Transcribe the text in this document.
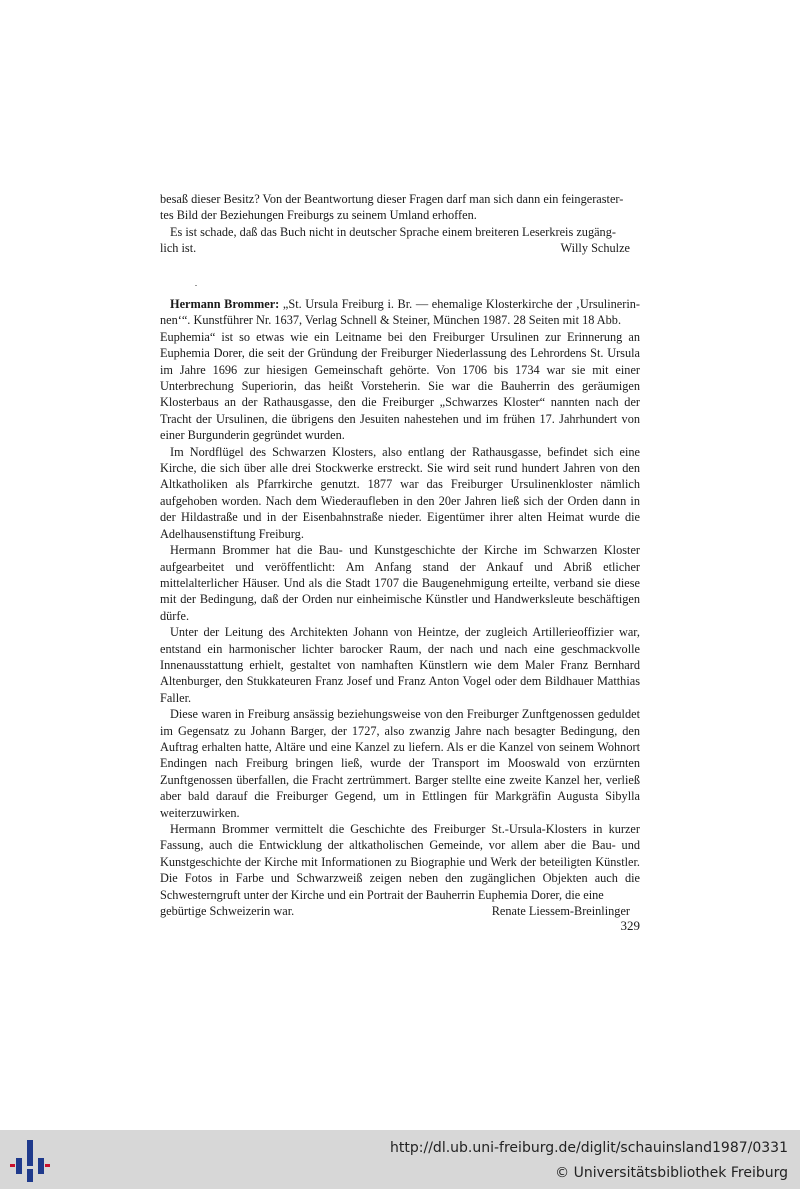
besaß dieser Besitz? Von der Beantwortung dieser Fragen darf man sich dann ein feingeraster-

tes Bild der Beziehungen Freiburgs zu seinem Umland erhoffen.

Es ist schade, daß das Buch nicht in deutscher Sprache einem breiteren Leserkreis zugäng-

lich ist.	Willy Schulze

Hermann Brommer: „St. Ursula Freiburg i. Br. — ehemalige Klosterkirche der ‚Ursulinerin-nen‘“. Kunstführer Nr. 1637, Verlag Schnell & Steiner, München 1987. 28 Seiten mit 18 Abb.

Euphemia“ ist so etwas wie ein Leitname bei den Freiburger Ursulinen zur Erinnerung an Euphemia Dorer, die seit der Gründung der Freiburger Niederlassung des Lehrordens St. Ursula im Jahre 1696 zur hiesigen Gemeinschaft gehörte. Von 1706 bis 1734 war sie mit einer Unterbrechung Superiorin, das heißt Vorsteherin. Sie war die Bauherrin des geräumigen Klosterbaus an der Rathausgasse, den die Freiburger „Schwarzes Kloster“ nannten nach der Tracht der Ursulinen, die übrigens den Jesuiten nahestehen und im frühen 17. Jahrhundert von einer Burgunderin gegründet wurden.

Im Nordflügel des Schwarzen Klosters, also entlang der Rathausgasse, befindet sich eine Kirche, die sich über alle drei Stockwerke erstreckt. Sie wird seit rund hundert Jahren von den Altkatholiken als Pfarrkirche genutzt. 1877 war das Freiburger Ursulinenkloster nämlich aufgehoben worden. Nach dem Wiederaufleben in den 20er Jahren ließ sich der Orden dann in der Hildastraße und in der Eisenbahnstraße nieder. Eigentümer ihrer alten Heimat wurde die Adelhausenstiftung Freiburg.

Hermann Brommer hat die Bau- und Kunstgeschichte der Kirche im Schwarzen Kloster aufgearbeitet und veröffentlicht: Am Anfang stand der Ankauf und Abriß etlicher mittelalterlicher Häuser. Und als die Stadt 1707 die Baugenehmigung erteilte, verband sie diese mit der Bedingung, daß der Orden nur einheimische Künstler und Handwerksleute beschäftigen dürfe.

Unter der Leitung des Architekten Johann von Heintze, der zugleich Artillerieoffizier war, entstand ein harmonischer lichter barocker Raum, der nach und nach eine geschmackvolle Innenausstattung erhielt, gestaltet von namhaften Künstlern wie dem Maler Franz Bernhard Altenburger, den Stukkateuren Franz Josef und Franz Anton Vogel oder dem Bildhauer Matthias Faller.

Diese waren in Freiburg ansässig beziehungsweise von den Freiburger Zunftgenossen geduldet im Gegensatz zu Johann Barger, der 1727, also zwanzig Jahre nach besagter Bedingung, den Auftrag erhalten hatte, Altäre und eine Kanzel zu liefern. Als er die Kanzel von seinem Wohnort Endingen nach Freiburg bringen ließ, wurde der Transport im Mooswald von erzürnten Zunftgenossen überfallen, die Fracht zertrümmert. Barger stellte eine zweite Kanzel her, verließ aber bald darauf die Freiburger Gegend, um in Ettlingen für Markgräfin Augusta Sibylla weiterzuwirken.

Hermann Brommer vermittelt die Geschichte des Freiburger St.-Ursula-Klosters in kurzer Fassung, auch die Entwicklung der altkatholischen Gemeinde, vor allem aber die Bau- und Kunstgeschichte der Kirche mit Informationen zu Biographie und Werk der beteiligten Künstler. Die Fotos in Farbe und Schwarzweiß zeigen neben den zugänglichen Objekten auch die Schwesterngruft unter der Kirche und ein Portrait der Bauherrin Euphemia Dorer, die eine

gebürtige Schweizerin war.	Renate Liessem-Breinlinger
329
http://dl.ub.uni-freiburg.de/diglit/schauinsland1987/0331
© Universitätsbibliothek Freiburg
